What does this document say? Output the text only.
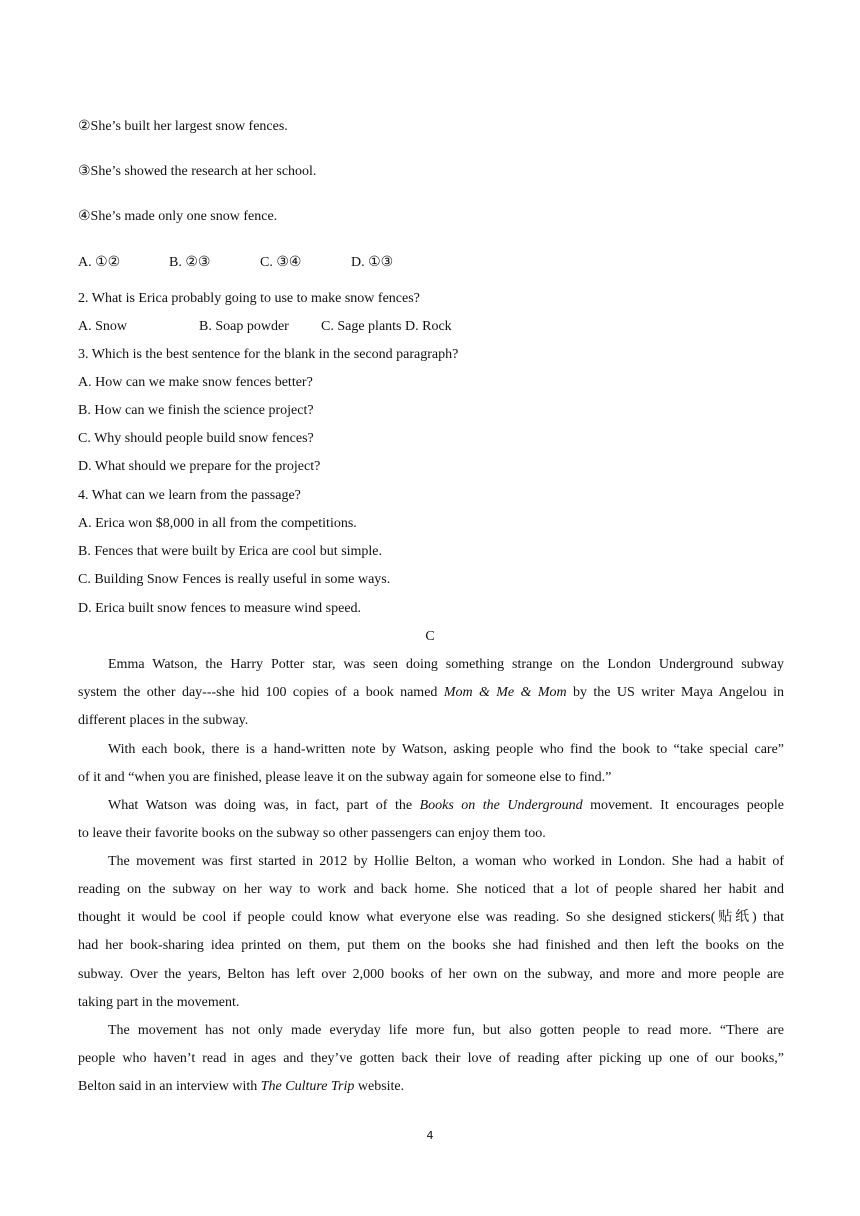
②She’s built her largest snow fences.
③She’s showed the research at her school.
④She’s made only one snow fence.
A. ①②	B. ②③	C. ③④	D. ①③
2. What is Erica probably going to use to make snow fences?
A. Snow	B. Soap powder C. Sage plants D. Rock
3. Which is the best sentence for the blank in the second paragraph?
A. How can we make snow fences better?
B. How can we finish the science project?
C. Why should people build snow fences?
D. What should we prepare for the project?
4. What can we learn from the passage?
A. Erica won $8,000 in all from the competitions.
B. Fences that were built by Erica are cool but simple.
C. Building Snow Fences is really useful in some ways.
D. Erica built snow fences to measure wind speed.
C
Emma Watson, the Harry Potter star, was seen doing something strange on the London Underground subway
system the other day---she hid 100 copies of a book named Mom & Me & Mom by the US writer Maya Angelou in
different places in the subway.
With each book, there is a hand-written note by Watson, asking people who find the book to “take special care”
of it and “when you are finished, please leave it on the subway again for someone else to find.”
What Watson was doing was, in fact, part of the Books on the Underground movement. It encourages people
to leave their favorite books on the subway so other passengers can enjoy them too.
The movement was first started in 2012 by Hollie Belton, a woman who worked in London. She had a habit of
reading on the subway on her way to work and back home. She noticed that a lot of people shared her habit and
thought it would be cool if people could know what everyone else was reading. So she designed stickers(贴纸) that
had her book-sharing idea printed on them, put them on the books she had finished and then left the books on the
subway. Over the years, Belton has left over 2,000 books of her own on the subway, and more and more people are
taking part in the movement.
The movement has not only made everyday life more fun, but also gotten people to read more. “There are
people who haven’t read in ages and they’ve gotten back their love of reading after picking up one of our books,”
Belton said in an interview with The Culture Trip website.
4
